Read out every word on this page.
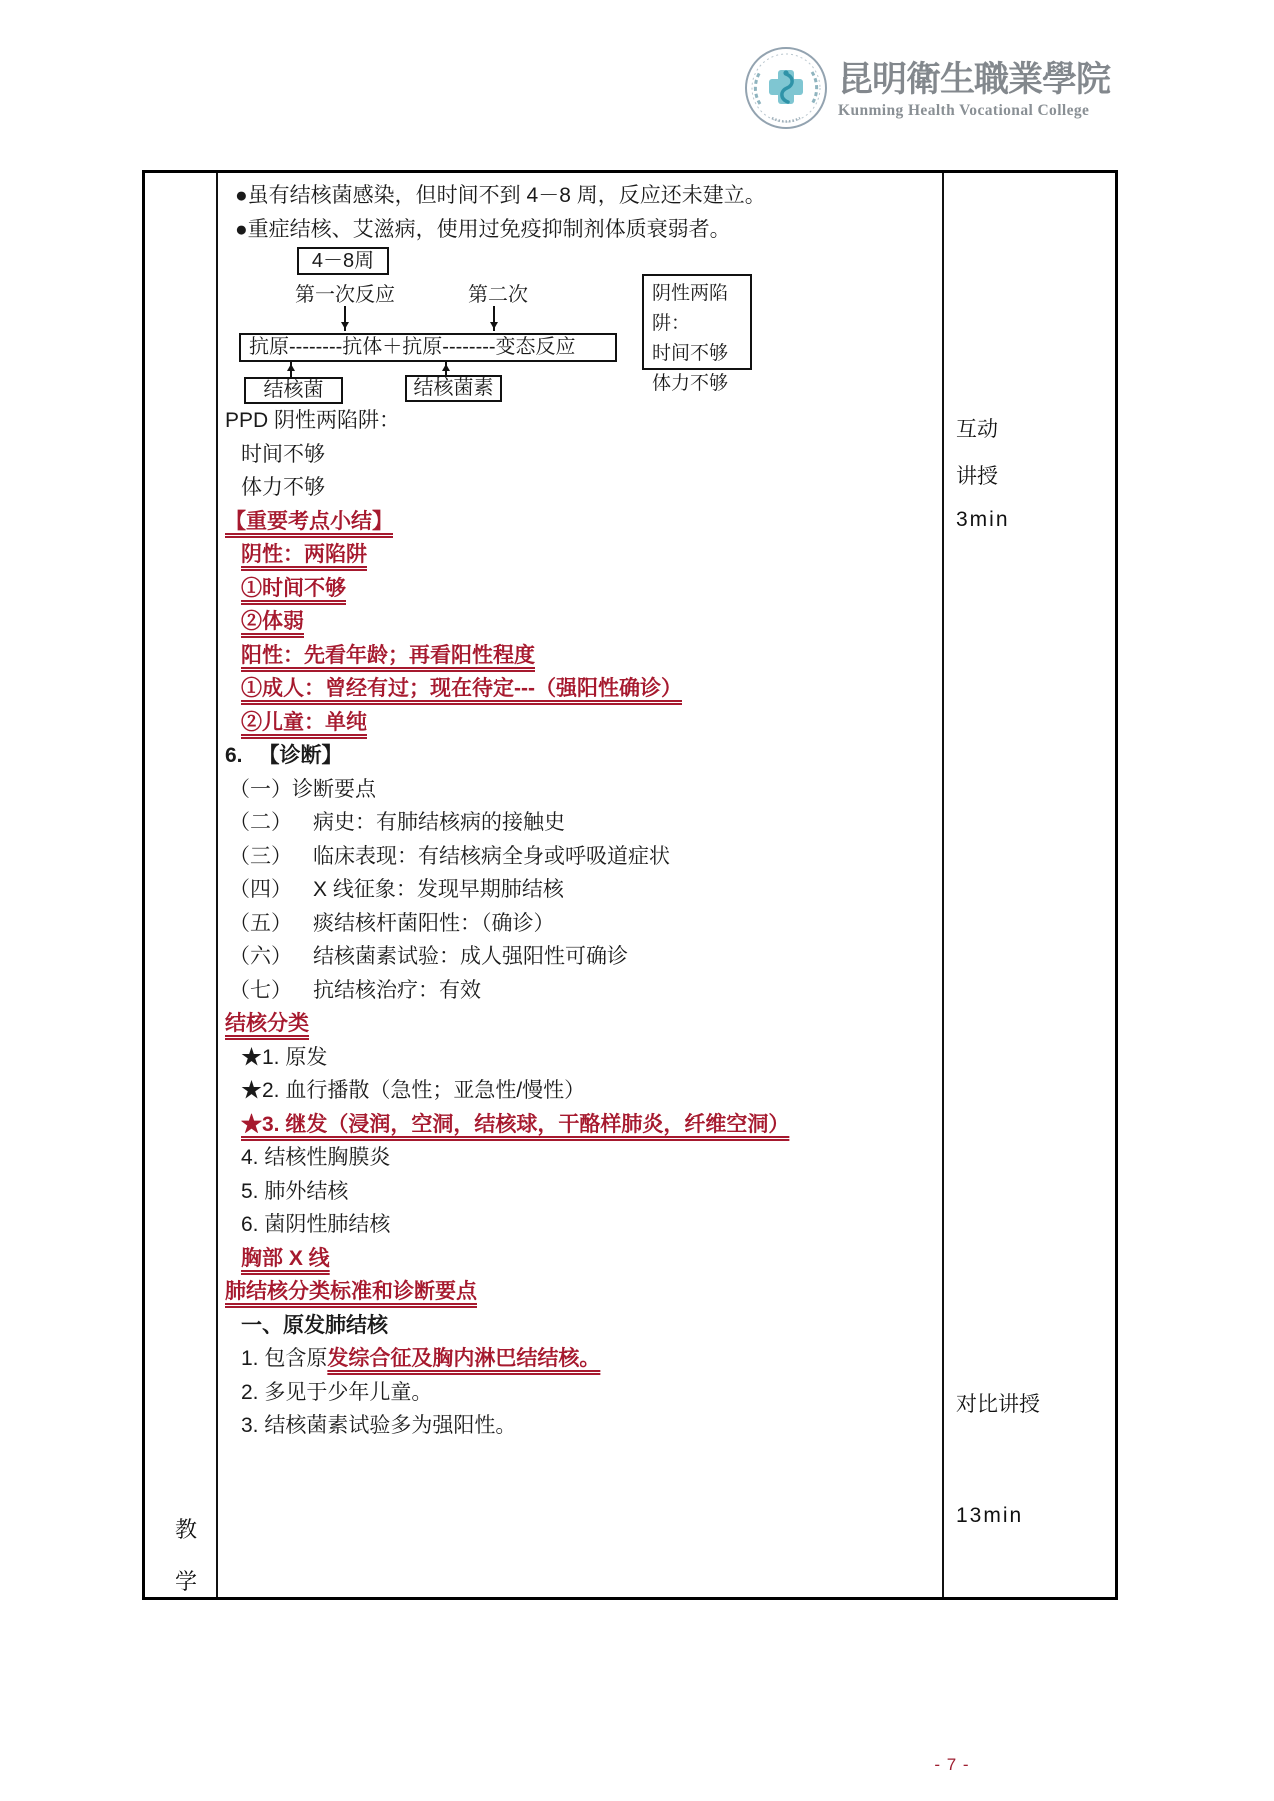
昆明衛生職業學院
Kunming Health Vocational College
教
学
互动
讲授
3min
对比讲授
13min
●虽有结核菌感染，但时间不到 4－8 周，反应还未建立。
●重症结核、艾滋病，使用过免疫抑制剂体质衰弱者。
4－8周
第一次反应	第二次
抗原--------抗体＋抗原--------变态反应
结核菌	结核菌素
阴性两陷阱：
时间不够
体力不够
PPD 阴性两陷阱：
时间不够
体力不够
【重要考点小结】
阴性：两陷阱
①时间不够
②体弱
阳性：先看年龄；再看阳性程度
①成人：曾经有过；现在待定---（强阳性确诊）
②儿童：单纯
6. 【诊断】
（一）诊断要点
（二） 病史：有肺结核病的接触史
（三） 临床表现：有结核病全身或呼吸道症状
（四） X 线征象：发现早期肺结核
（五） 痰结核杆菌阳性：（确诊）
（六） 结核菌素试验：成人强阳性可确诊
（七） 抗结核治疗：有效
结核分类
★1. 原发
★2. 血行播散（急性；亚急性/慢性）
★3. 继发（浸润，空洞，结核球，干酪样肺炎，纤维空洞）
4. 结核性胸膜炎
5. 肺外结核
6. 菌阴性肺结核
胸部 X 线
肺结核分类标准和诊断要点
一、原发肺结核
1. 包含原发综合征及胸内淋巴结结核。
2. 多见于少年儿童。
3. 结核菌素试验多为强阳性。
- 7 -
